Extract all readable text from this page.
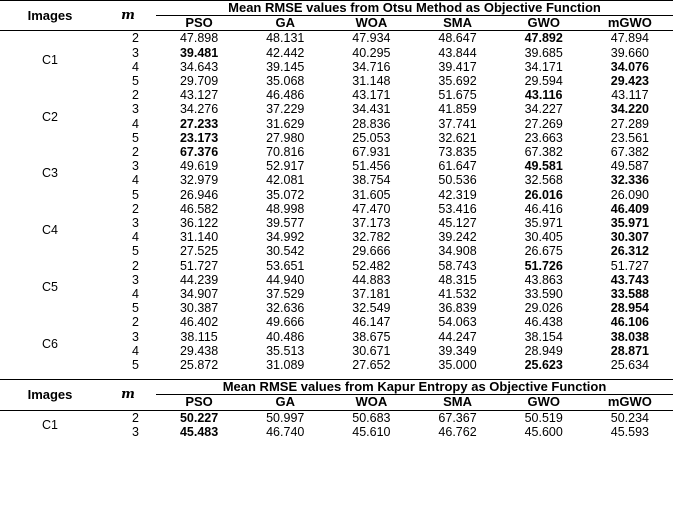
Images	m	Mean RMSE values from Otsu Method as Objective Function					
		PSO	GA	WOA	SMA	GWO	mGWO
C1	2	47.898	48.131	47.934	48.647	47.892	47.894
	3	39.481	42.442	40.295	43.844	39.685	39.660
	4	34.643	39.145	34.716	39.417	34.171	34.076
	5	29.709	35.068	31.148	35.692	29.594	29.423
C2	2	43.127	46.486	43.171	51.675	43.116	43.117
	3	34.276	37.229	34.431	41.859	34.227	34.220
	4	27.233	31.629	28.836	37.741	27.269	27.289
	5	23.173	27.980	25.053	32.621	23.663	23.561
C3	2	67.376	70.816	67.931	73.835	67.382	67.382
	3	49.619	52.917	51.456	61.647	49.581	49.587
	4	32.979	42.081	38.754	50.536	32.568	32.336
	5	26.946	35.072	31.605	42.319	26.016	26.090
C4	2	46.582	48.998	47.470	53.416	46.416	46.409
	3	36.122	39.577	37.173	45.127	35.971	35.971
	4	31.140	34.992	32.782	39.242	30.405	30.307
	5	27.525	30.542	29.666	34.908	26.675	26.312
C5	2	51.727	53.651	52.482	58.743	51.726	51.727
	3	44.239	44.940	44.883	48.315	43.863	43.743
	4	34.907	37.529	37.181	41.532	33.590	33.588
	5	30.387	32.636	32.549	36.839	29.026	28.954
C6	2	46.402	49.666	46.147	54.063	46.438	46.106
	3	38.115	40.486	38.675	44.247	38.154	38.038
	4	29.438	35.513	30.671	39.349	28.949	28.871
	5	25.872	31.089	27.652	35.000	25.623	25.634

Images	m	Mean RMSE values from Kapur Entropy as Objective Function					
		PSO	GA	WOA	SMA	GWO	mGWO
C1	2	50.227	50.997	50.683	67.367	50.519	50.234
	3	45.483	46.740	45.610	46.762	45.600	45.593
